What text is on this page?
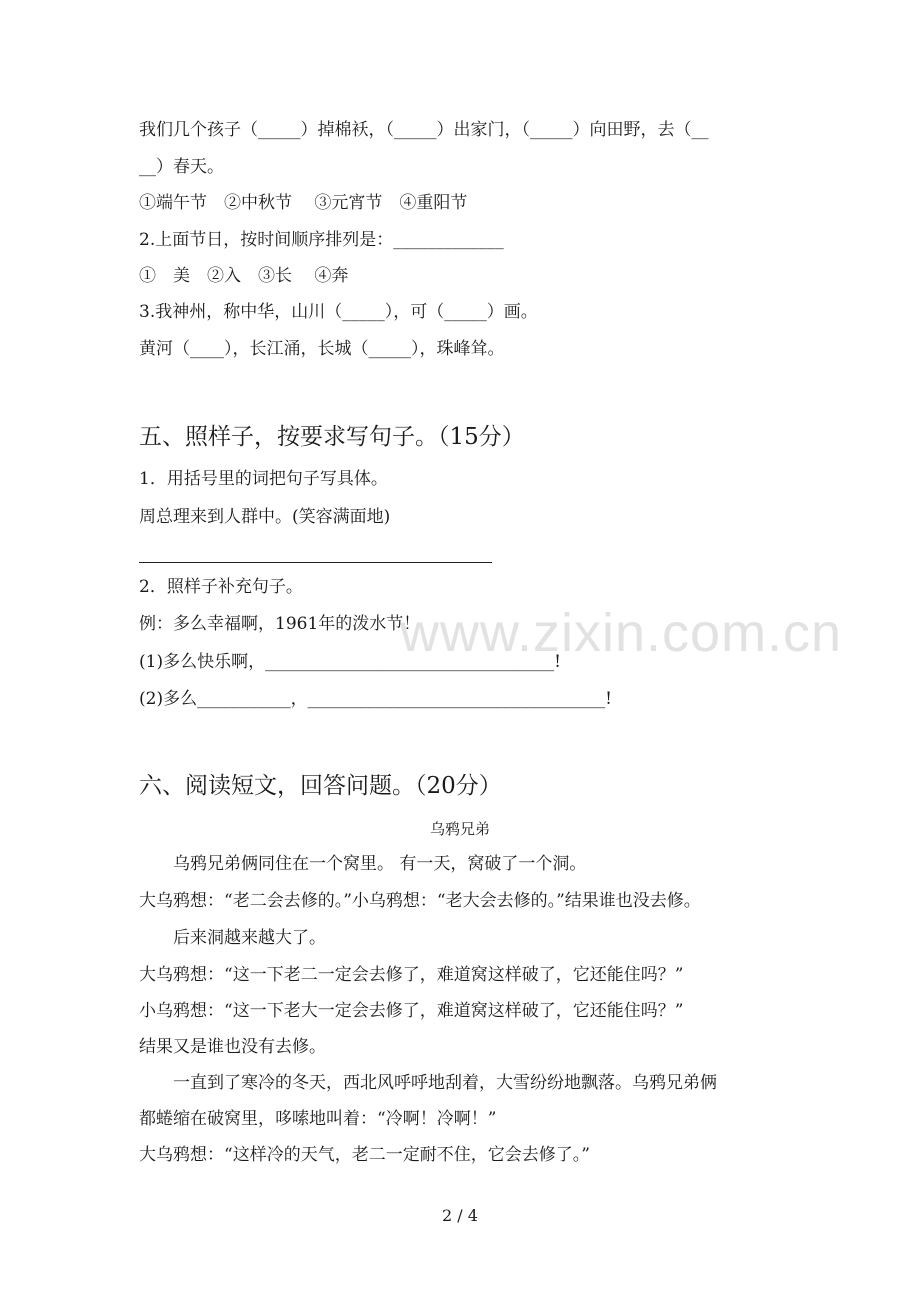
www.zixin.com.cn
我们几个孩子（_____）掉棉袄，（_____）出家门，（_____）向田野，去（__
__）春天。
①端午节　②中秋节　 ③元宵节　④重阳节
2.上面节日，按时间顺序排列是：_____________
①　美　②入　③长　 ④奔
3.我神州，称中华，山川（_____），可（_____）画。
黄河（____），长江涌，长城（_____），珠峰耸。
五、照样子，按要求写句子。（15分）
1．用括号里的词把句子写具体。
周总理来到人群中。(笑容满面地)
2．照样子补充句子。
例：多么幸福啊，1961年的泼水节！
(1)多么快乐啊，__________________________________!
(2)多么___________，___________________________________!
六、阅读短文，回答问题。（20分）
乌鸦兄弟
　　乌鸦兄弟俩同住在一个窝里。 有一天，窝破了一个洞。
大乌鸦想：“老二会去修的。”小乌鸦想：“老大会去修的。”结果谁也没去修。
　　后来洞越来越大了。
大乌鸦想：“这一下老二一定会去修了，难道窝这样破了，它还能住吗？”
小乌鸦想：“这一下老大一定会去修了，难道窝这样破了，它还能住吗？”
结果又是谁也没有去修。
　　一直到了寒冷的冬天，西北风呼呼地刮着，大雪纷纷地飘落。乌鸦兄弟俩
都蜷缩在破窝里，哆嗦地叫着：“冷啊！冷啊！”
大乌鸦想：“这样冷的天气，老二一定耐不住，它会去修了。”
2 / 4
